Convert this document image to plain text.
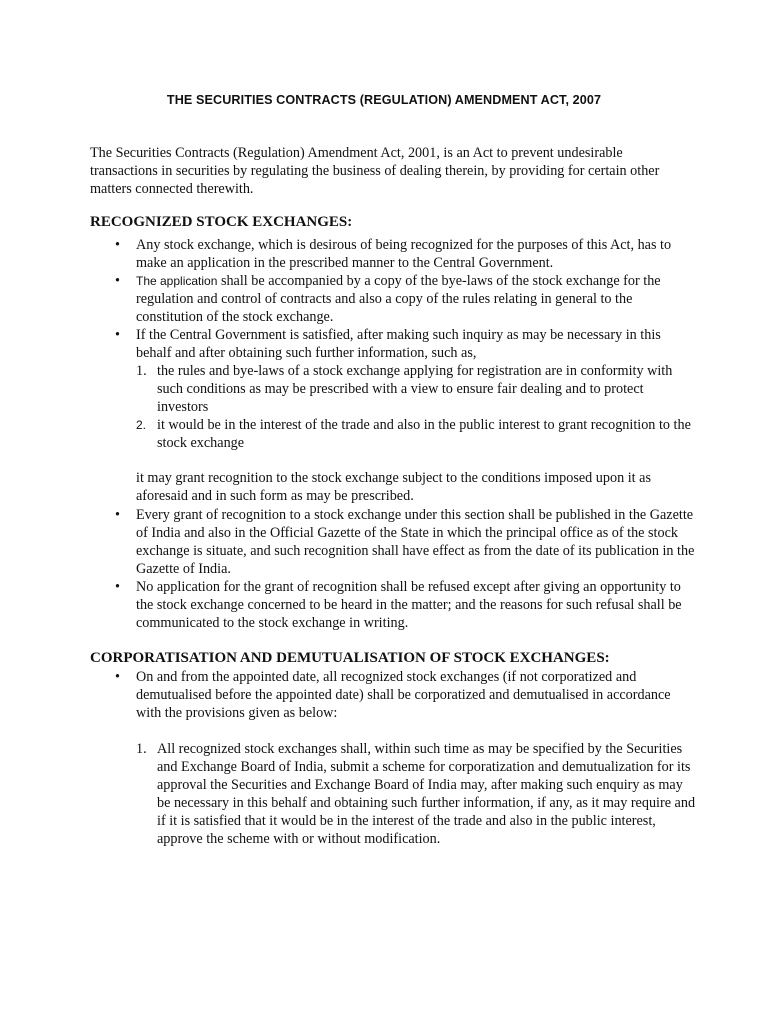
THE SECURITIES CONTRACTS (REGULATION) AMENDMENT ACT, 2007
The Securities Contracts (Regulation) Amendment Act, 2001, is an Act to prevent undesirable transactions in securities by regulating the business of dealing therein, by providing for certain other matters connected therewith.
RECOGNIZED STOCK EXCHANGES:
•	Any stock exchange, which is desirous of being recognized for the purposes of this Act, has to make an application in the prescribed manner to the Central Government.
•	The application shall be accompanied by a copy of the bye-laws of the stock exchange for the regulation and control of contracts and also a copy of the rules relating in general to the constitution of the stock exchange.
•	If the Central Government is satisfied, after making such inquiry as may be necessary in this behalf and after obtaining such further information, such as,
1. the rules and bye-laws of a stock exchange applying for registration are in conformity with such conditions as may be prescribed with a view to ensure fair dealing and to protect investors
2. it would be in the interest of the trade and also in the public interest to grant recognition to the stock exchange
it may grant recognition to the stock exchange subject to the conditions imposed upon it as aforesaid and in such form as may be prescribed.
•	Every grant of recognition to a stock exchange under this section shall be published in the Gazette of India and also in the Official Gazette of the State in which the principal office as of the stock exchange is situate, and such recognition shall have effect as from the date of its publication in the Gazette of India.
•	No application for the grant of recognition shall be refused except after giving an opportunity to the stock exchange concerned to be heard in the matter; and the reasons for such refusal shall be communicated to the stock exchange in writing.
CORPORATISATION AND DEMUTUALISATION OF STOCK EXCHANGES:
•	On and from the appointed date, all recognized stock exchanges (if not corporatized and demutualised before the appointed date) shall be corporatized and demutualised in accordance with the provisions given as below:
1. All recognized stock exchanges shall, within such time as may be specified by the Securities and Exchange Board of India, submit a scheme for corporatization and demutualization for its approval the Securities and Exchange Board of India may, after making such enquiry as may be necessary in this behalf and obtaining such further information, if any, as it may require and if it is satisfied that it would be in the interest of the trade and also in the public interest, approve the scheme with or without modification.
